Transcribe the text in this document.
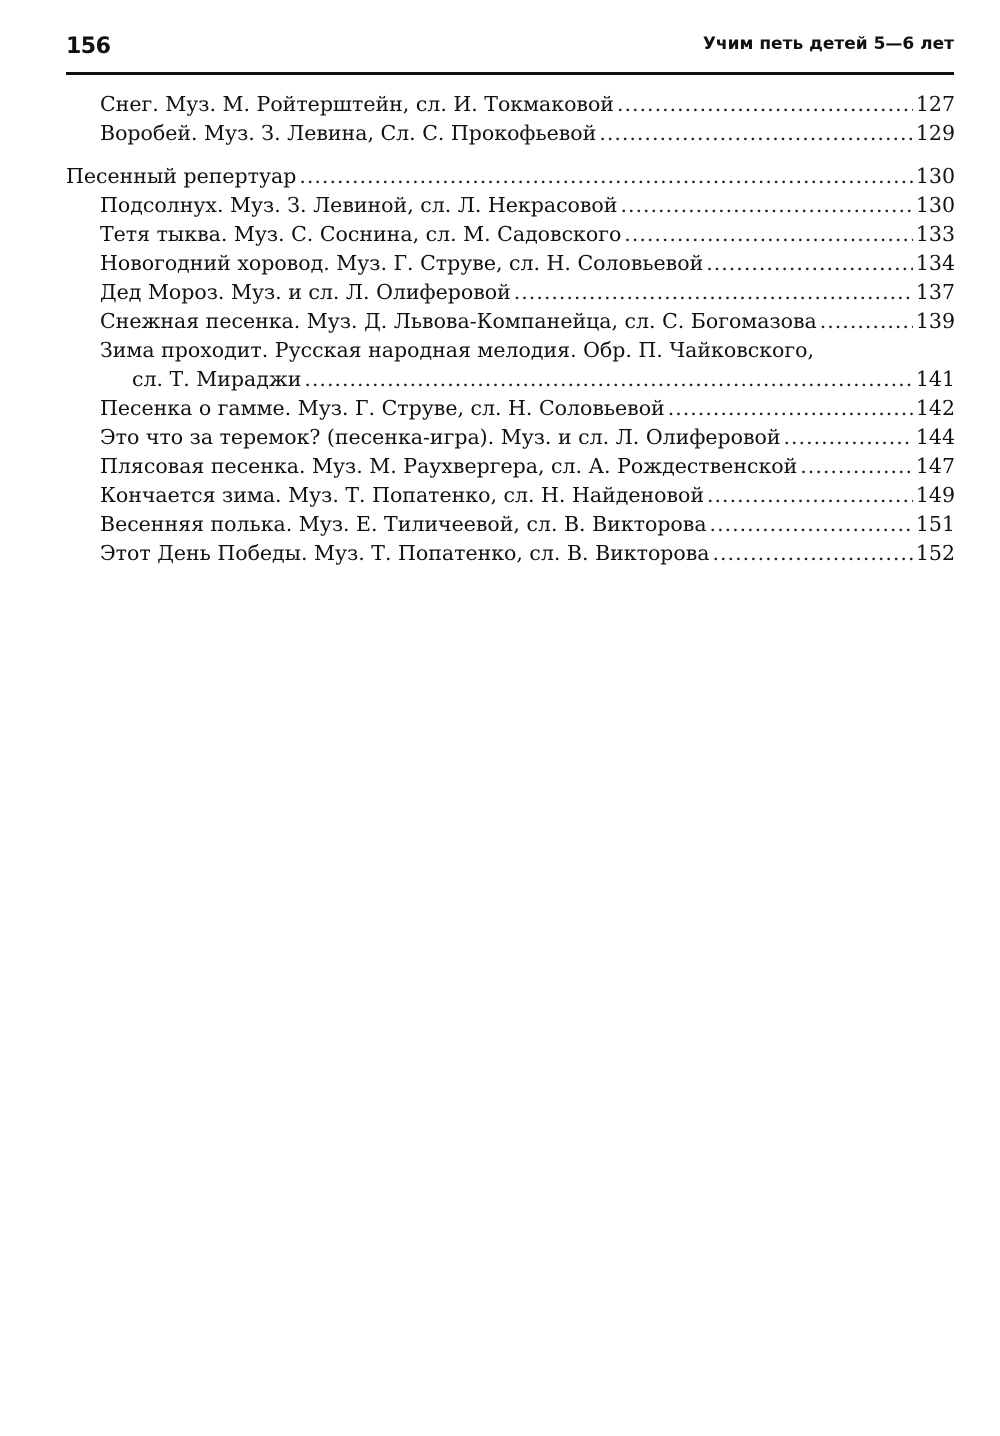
156	Учим петь детей 5—6 лет
Снег. Муз. М. Ройтерштейн, сл. И. Токмаковой .....	127
Воробей. Муз. З. Левина, Сл. С. Прокофьевой .....	129
Песенный репертуар .....	130
Подсолнух. Муз. З. Левиной, сл. Л. Некрасовой .....	130
Тетя тыква. Муз. С. Соснина, сл. М. Садовского .....	133
Новогодний хоровод. Муз. Г. Струве, сл. Н. Соловьевой .....	134
Дед Мороз. Муз. и сл. Л. Олиферовой .....	137
Снежная песенка. Муз. Д. Львова-Компанейца, сл. С. Богомазова .....	139
Зима проходит. Русская народная мелодия. Обр. П. Чайковского,
сл. Т. Мираджи .....	141
Песенка о гамме. Муз. Г. Струве, сл. Н. Соловьевой .....	142
Это что за теремок? (песенка-игра). Муз. и сл. Л. Олиферовой .....	144
Плясовая песенка. Муз. М. Раухвергера, сл. А. Рождественской .....	147
Кончается зима. Муз. Т. Попатенко, сл. Н. Найденовой .....	149
Весенняя полька. Муз. Е. Тиличеевой, сл. В. Викторова .....	151
Этот День Победы. Муз. Т. Попатенко, сл. В. Викторова .....	152
